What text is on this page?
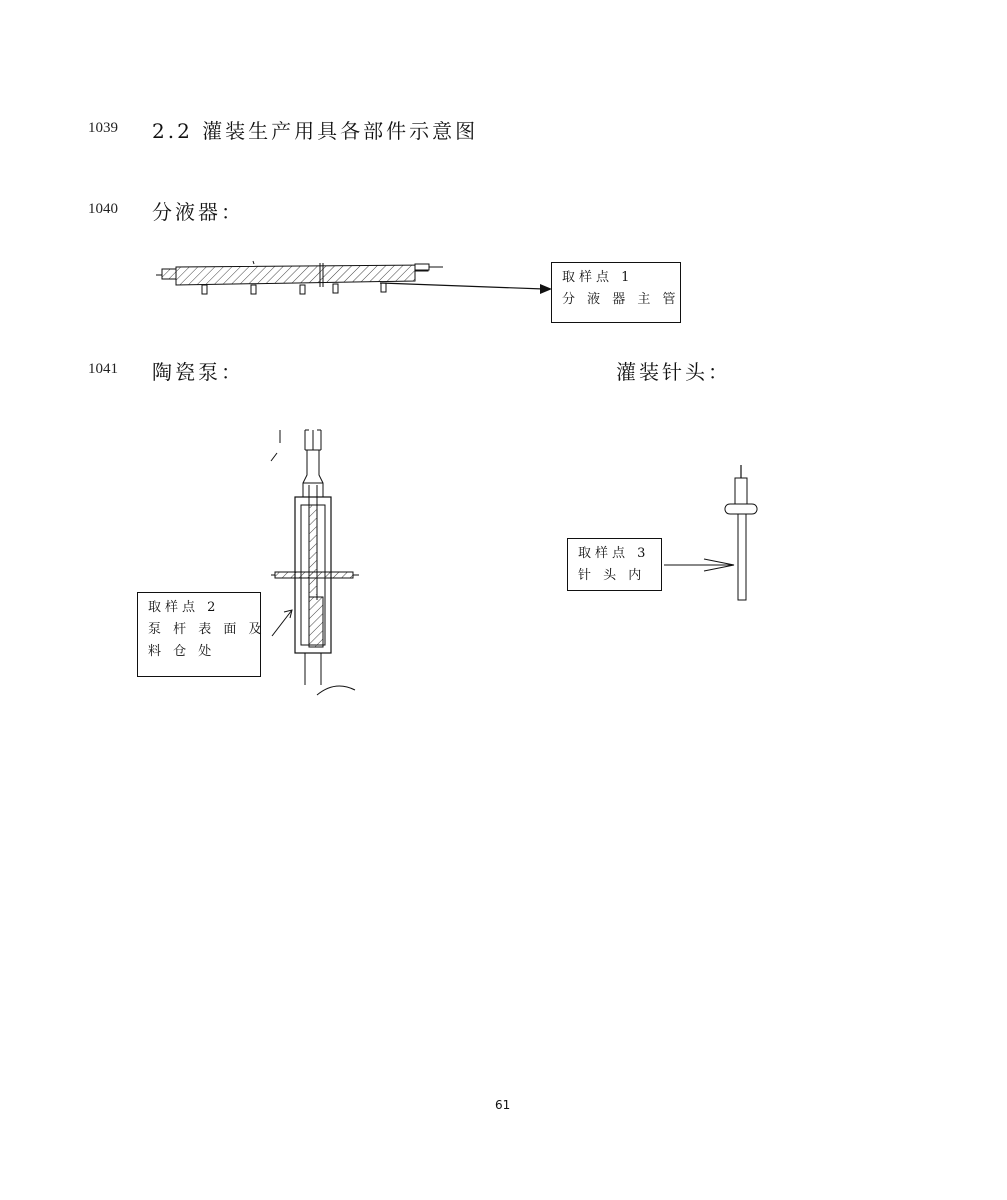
1039 2.2 灌装生产用具各部件示意图
1040 分液器：
1041 陶瓷泵：	灌装针头：
取样点 1
分 液 器 主 管
取样点 2
泵 杆 表 面 及
料 仓 处
取样点 3
针 头 内
61
